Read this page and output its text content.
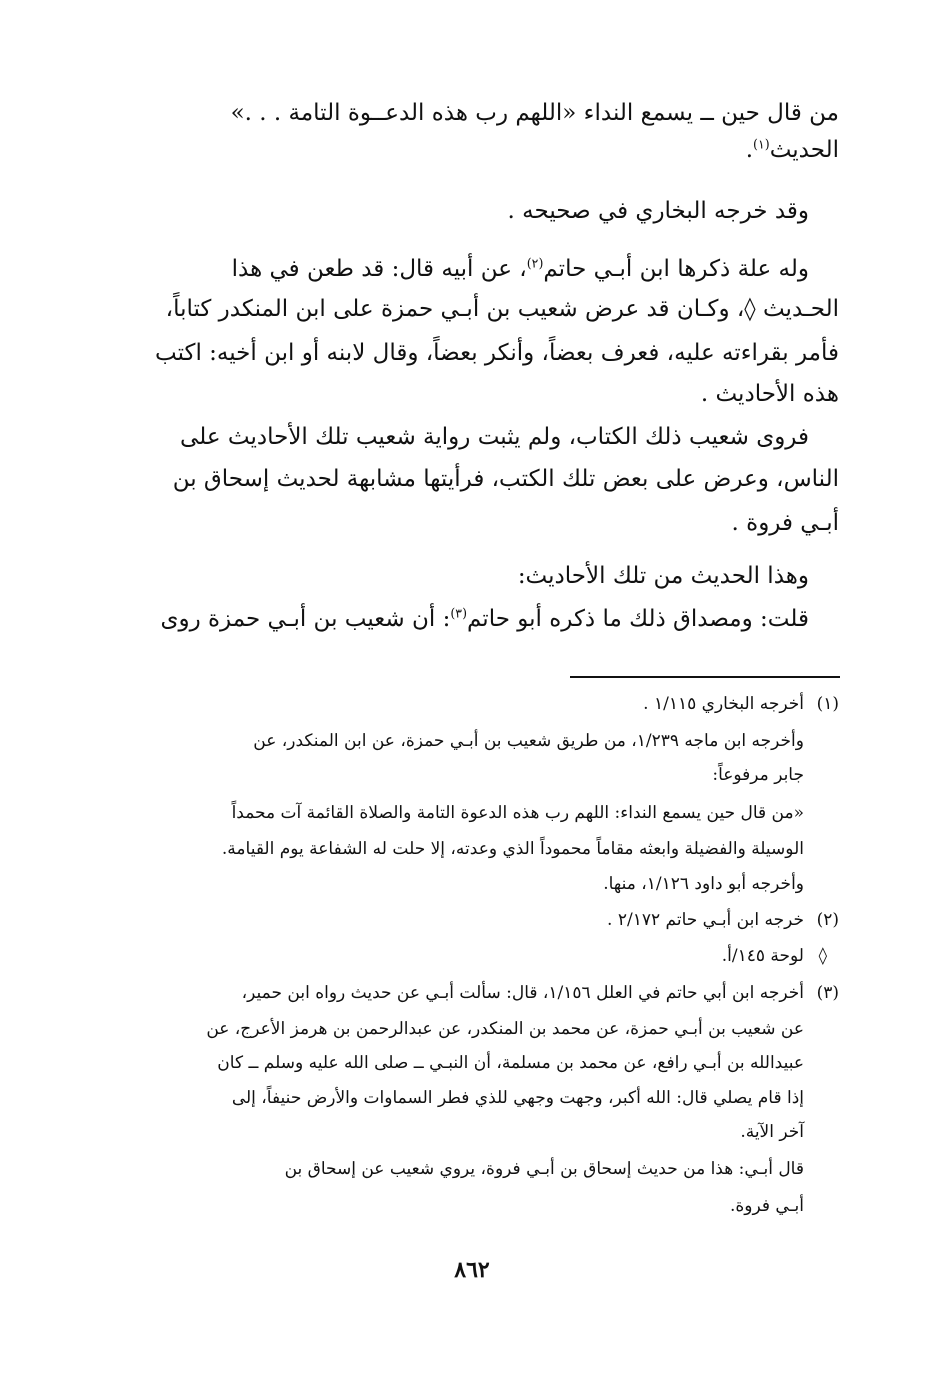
من قال حين ــ يسمع النداء «اللهم رب هذه الدعــوة التامة . . .»
الحديث$^{(١)}$.
وقد خرجه البخاري في صحيحه .
وله علة ذكرها ابن أبـي حاتم$^{(٢)}$، عن أبيه قال: قد طعن في هذا
الحـديث ◊، وكـان قد عرض شعيب بن أبـي حمزة على ابن المنكدر كتاباً،
فأمر بقراءته عليه، فعرف بعضاً، وأنكر بعضاً، وقال لابنه أو ابن أخيه: اكتب
هذه الأحاديث .
فروى شعيب ذلك الكتاب، ولم يثبت رواية شعيب تلك الأحاديث على
الناس، وعرض على بعض تلك الكتب، فرأيتها مشابهة لحديث إسحاق بن
أبـي فروة .
وهذا الحديث من تلك الأحاديث:
قلت: ومصداق ذلك ما ذكره أبو حاتم$^{(٣)}$: أن شعيب بن أبـي حمزة روى
(١)
أخرجه البخاري ١/١١٥ .
وأخرجه ابن ماجه ١/٢٣٩، من طريق شعيب بن أبـي حمزة، عن ابن المنكدر، عن
جابر مرفوعاً:
«من قال حين يسمع النداء: اللهم رب هذه الدعوة التامة والصلاة القائمة آت محمداً
الوسيلة والفضيلة وابعثه مقاماً محموداً الذي وعدته، إلا حلت له الشفاعة يوم القيامة.
وأخرجه أبو داود ١/١٢٦، منها.
(٢)
خرجه ابن أبـي حاتم ٢/١٧٢ .
◊
لوحة ١٤٥/أ.
(٣)
أخرجه ابن أبي حاتم في العلل ١/١٥٦، قال: سألت أبـي عن حديث رواه ابن حمير،
عن شعيب بن أبـي حمزة، عن محمد بن المنكدر، عن عبدالرحمن بن هرمز الأعرج، عن
عبيدالله بن أبـي رافع، عن محمد بن مسلمة، أن النبـي ــ صلى الله عليه وسلم ــ كان
إذا قام يصلي قال: الله أكبر، وجهت وجهي للذي فطر السماوات والأرض حنيفاً، إلى
آخر الآية.
قال أبـي: هذا من حديث إسحاق بن أبـي فروة، يروي شعيب عن إسحاق بن
أبـي فروة.
٨٦٢
